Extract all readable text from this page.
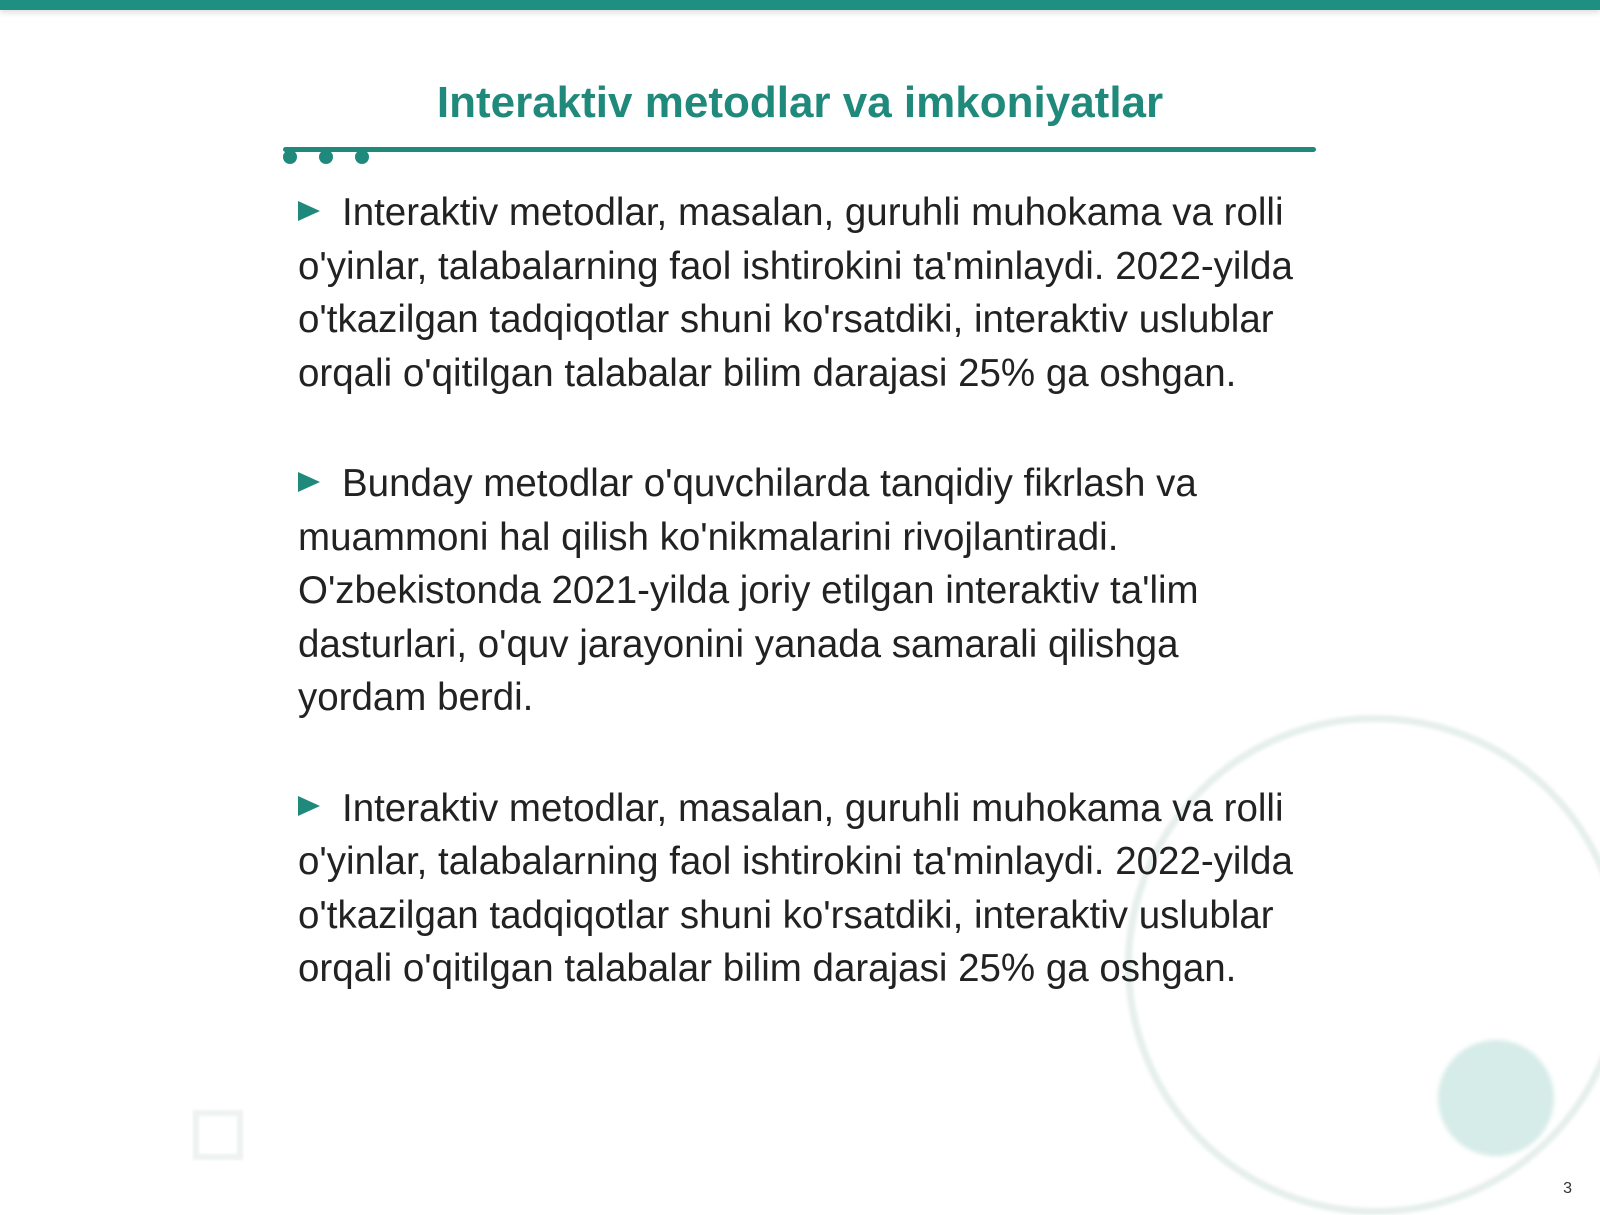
Interaktiv metodlar va imkoniyatlar

Interaktiv metodlar, masalan, guruhli muhokama va rolli o'yinlar, talabalarning faol ishtirokini ta'minlaydi. 2022-yilda o'tkazilgan tadqiqotlar shuni ko'rsatdiki, interaktiv uslublar orqali o'qitilgan talabalar bilim darajasi 25% ga oshgan.

Bunday metodlar o'quvchilarda tanqidiy fikrlash va muammoni hal qilish ko'nikmalarini rivojlantiradi. O'zbekistonda 2021-yilda joriy etilgan interaktiv ta'lim dasturlari, o'quv jarayonini yanada samarali qilishga yordam berdi.

Interaktiv metodlar, masalan, guruhli muhokama va rolli o'yinlar, talabalarning faol ishtirokini ta'minlaydi. 2022-yilda o'tkazilgan tadqiqotlar shuni ko'rsatdiki, interaktiv uslublar orqali o'qitilgan talabalar bilim darajasi 25% ga oshgan.

3
